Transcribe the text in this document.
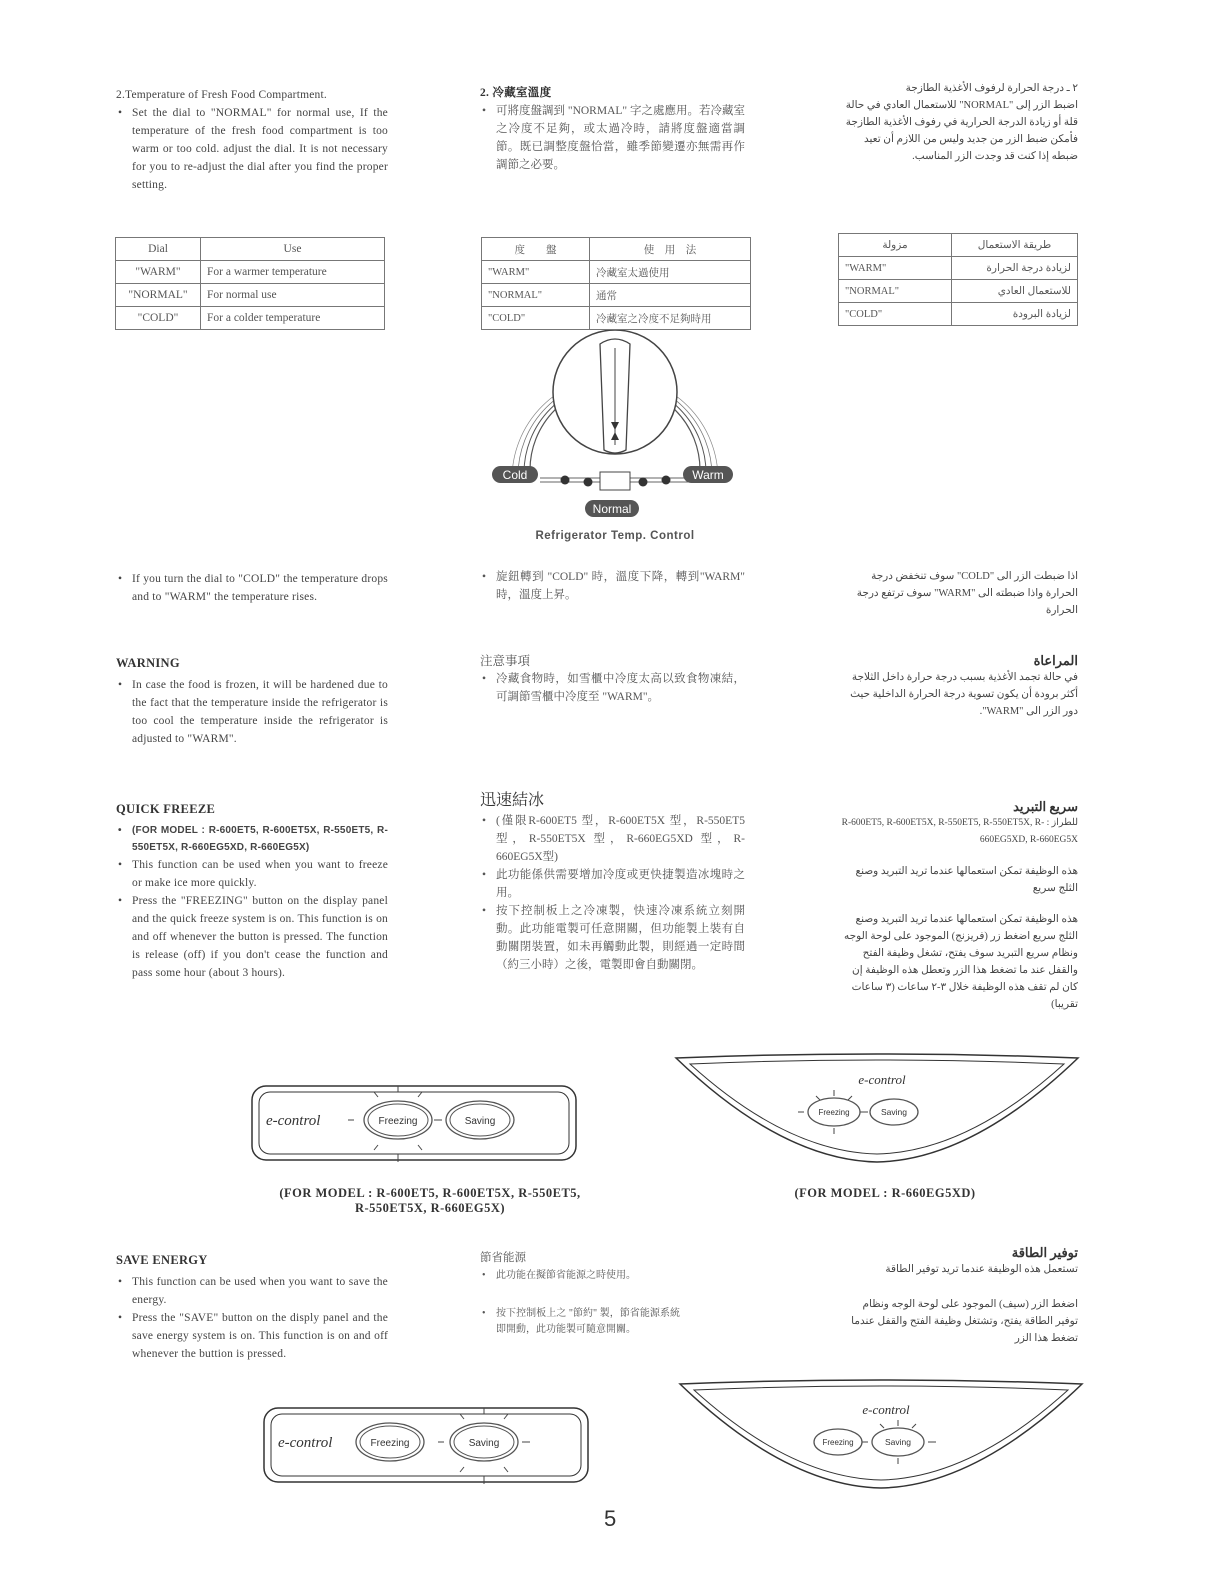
2.Temperature of Fresh Food Compartment.

• Set the dial to "NORMAL" for normal use, If the temperature of the fresh food compartment is too warm or too cold. adjust the dial. It is not necessary for you to re-adjust the dial after you find the proper setting.

2. 冷藏室溫度
• 可將度盤調到 "NORMAL" 字之處應用。若冷藏室之冷度不足夠，或太過冷時，請將度盤適當調節。既已調整度盤恰當，雖季節變遷亦無需再作調節之必要。
٢ ـ درجة الحرارة لرفوف الأغذية الطازجة
اضبط الزر إلى "NORMAL" للاستعمال العادي في حالة قلة أو زيادة الدرجة الحرارية في رفوف الأغذية الطازجة فأمكن ضبط الزر من جديد وليس من اللازم أن تعيد ضبطه إذا كنت قد وجدت الزر المناسب.
Dial	Use
"WARM"	For a warmer temperature
"NORMAL"	For normal use
"COLD"	For a colder temperature
度　　盤	使　用　法
"WARM"	冷藏室太過使用
"NORMAL"	通常
"COLD"	冷藏室之冷度不足夠時用
مزولة	طريقة الاستعمال
"WARM"	لزيادة درجة الحرارة
"NORMAL"	للاستعمال العادي
"COLD"	لزيادة البرودة
Cold	Warm
Normal
Refrigerator Temp. Control

• If you turn the dial to "COLD" the temperature drops and to "WARM" the temperature rises.

• 旋鈕轉到 "COLD" 時，溫度下降，轉到"WARM" 時，溫度上昇。
اذا ضبطت الزر الى "COLD" سوف تنخفض درجة الحرارة واذا ضبطته الى "WARM" سوف ترتفع درجة الحرارة

WARNING

• In case the food is frozen, it will be hardened due to the fact that the temperature inside the refrigerator is too cool the temperature inside the refrigerator is adjusted to "WARM".

注意事項
• 冷藏食物時，如雪櫃中冷度太高以致食物凍結，可調節雪櫃中冷度至 "WARM"。
المراعاة
في حالة تجمد الأغذية بسبب درجة حرارة داخل الثلاجة أكثر برودة أن يكون تسوية درجة الحرارة الداخلية حيث دور الزر الى "WARM".

QUICK FREEZE

• (FOR MODEL : R-600ET5, R-600ET5X, R-550ET5, R-550ET5X, R-660EG5XD, R-660EG5X)

• This function can be used when you want to freeze or make ice more quickly.

• Press the "FREEZING" button on the display panel and the quick freeze system is on. This function is on and off whenever the button is pressed. The function is release (off) if you don't cease the function and pass some hour (about 3 hours).

迅速結冰
• (僅限R-600ET5 型，R-600ET5X 型，R-550ET5 型，R-550ET5X 型，R-660EG5XD 型，R-660EG5X型)
• 此功能係供需要增加冷度或更快捷製造冰塊時之用。
• 按下控制板上之冷凍製，快速冷凍系統立刻開動。此功能電製可任意開關，但功能製上裝有自動關閉裝置，如未再觸動此製，則經過一定時間（約三小時）之後，電製即會自動關閉。
سريع التبريد
للطراز : R-600ET5, R-600ET5X, R-550ET5, R-550ET5X, R-660EG5XD, R-660EG5X
هذه الوظيفة تمكن استعمالها عندما تريد التبريد وصنع الثلج سريع
هذه الوظيفة تمكن استعمالها عندما تريد التبريد وصنع الثلج سريع اضغط زر (فريزنج) الموجود على لوحة الوجه ونظام سريع التبريد سوف يفتح، تشغل وظيفة الفتح والقفل عند ما تضغط هذا الزر وتعطل هذه الوظيفة إن كان لم تقف هذه الوظيفة خلال ٣-٢ ساعات (٣ ساعات تقريبا)
e-control	Freezing	Saving
e-control
Freezing	Saving
(FOR MODEL : R-600ET5, R-600ET5X, R-550ET5,
R-550ET5X, R-660EG5X)
(FOR MODEL : R-660EG5XD)

SAVE ENERGY

• This function can be used when you want to save the energy.

• Press the "SAVE" button on the disply panel and the save energy system is on. This function is on and off whenever the buttion is pressed.

節省能源
• 此功能在擬節省能源之時使用。
• 按下控制板上之 "節約" 製，節省能源系統即開動，此功能製可隨意開關。
توفير الطاقة
تستعمل هذه الوظيفة عندما تريد توفير الطاقة
اضغط الزر (سيف) الموجود على لوحة الوجه ونظام توفير الطاقة يفتح، وتشتغل وظيفة الفتح والقفل عندما تضغط هذا الزر
e-control	Freezing	Saving
e-control
Freezing	Saving
5
